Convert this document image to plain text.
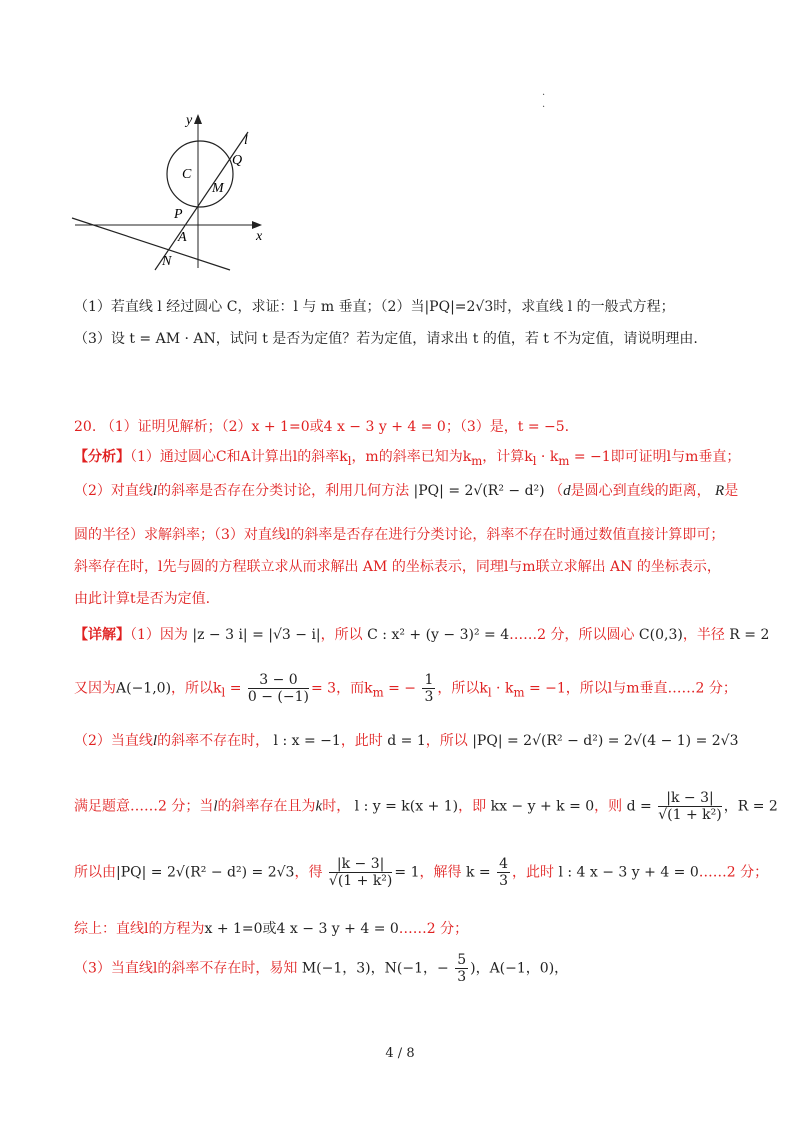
y
x
l
Q
C
M
P
A
N
·
·
（1）若直线 l 经过圆心 C，求证：l 与 m 垂直；（2）当|PQ|=2√3时，求直线 l 的一般式方程；
（3）设 t = AM · AN，试问 t 是否为定值？若为定值，请求出 t 的值，若 t 不为定值，请说明理由.
20. （1）证明见解析；（2）x + 1=0或4 x − 3 y + 4 = 0；（3）是，t = −5.
【分析】（1）通过圆心C和A计算出l的斜率$k_l$，m的斜率已知为$k_m$，计算$k_l \cdot k_m = -1$即可证明l与m垂直；
（2）对直线l的斜率是否存在分类讨论，利用几何方法 |PQ| = 2√(R² − d²) （d是圆心到直线的距离， R是
圆的半径）求解斜率；（3）对直线l的斜率是否存在进行分类讨论，斜率不存在时通过数值直接计算即可；
斜率存在时，l先与圆的方程联立求从而求解出 AM 的坐标表示，同理l与m联立求解出 AN 的坐标表示，
由此计算t是否为定值.
【详解】（1）因为 |z − 3 i| = |√3 − i|，所以 C : x² + (y − 3)² = 4……2 分，所以圆心 C(0,3)，半径 R = 2
又因为A(−1,0)，所以$k_l = \frac{3 - 0}{0 - (-1)} = 3$，而$k_m$ = − $\frac{1}{3}$ ，所以$k_l \cdot k_m = -1$，所以l与m垂直……2 分；
（2）当直线l的斜率不存在时， l : x = −1，此时 d = 1，所以 |PQ| = 2√(R² − d²) = 2√(4 − 1) = 2√3
满足题意……2 分；当l的斜率存在且为k时， l : y = k(x + 1)，即 kx − y + k = 0，则 $d = \frac{|k - 3|}{\text{√(1 + k²)}}$ ，R = 2
所以由|PQ| = 2√(R² − d²) = 2√3，得 $\frac{|k - 3|}{\text{√(1 + k²)}} = 1$，解得 $k = \frac{4}{3}$ ，此时 l : 4 x − 3 y + 4 = 0……2 分；
综上：直线l的方程为x + 1=0或4 x − 3 y + 4 = 0……2 分；
（3）当直线l的斜率不存在时，易知 M(−1，3)，N(−1，− $\frac{5}{3}$ )，A(−1，0)，
4 / 8
